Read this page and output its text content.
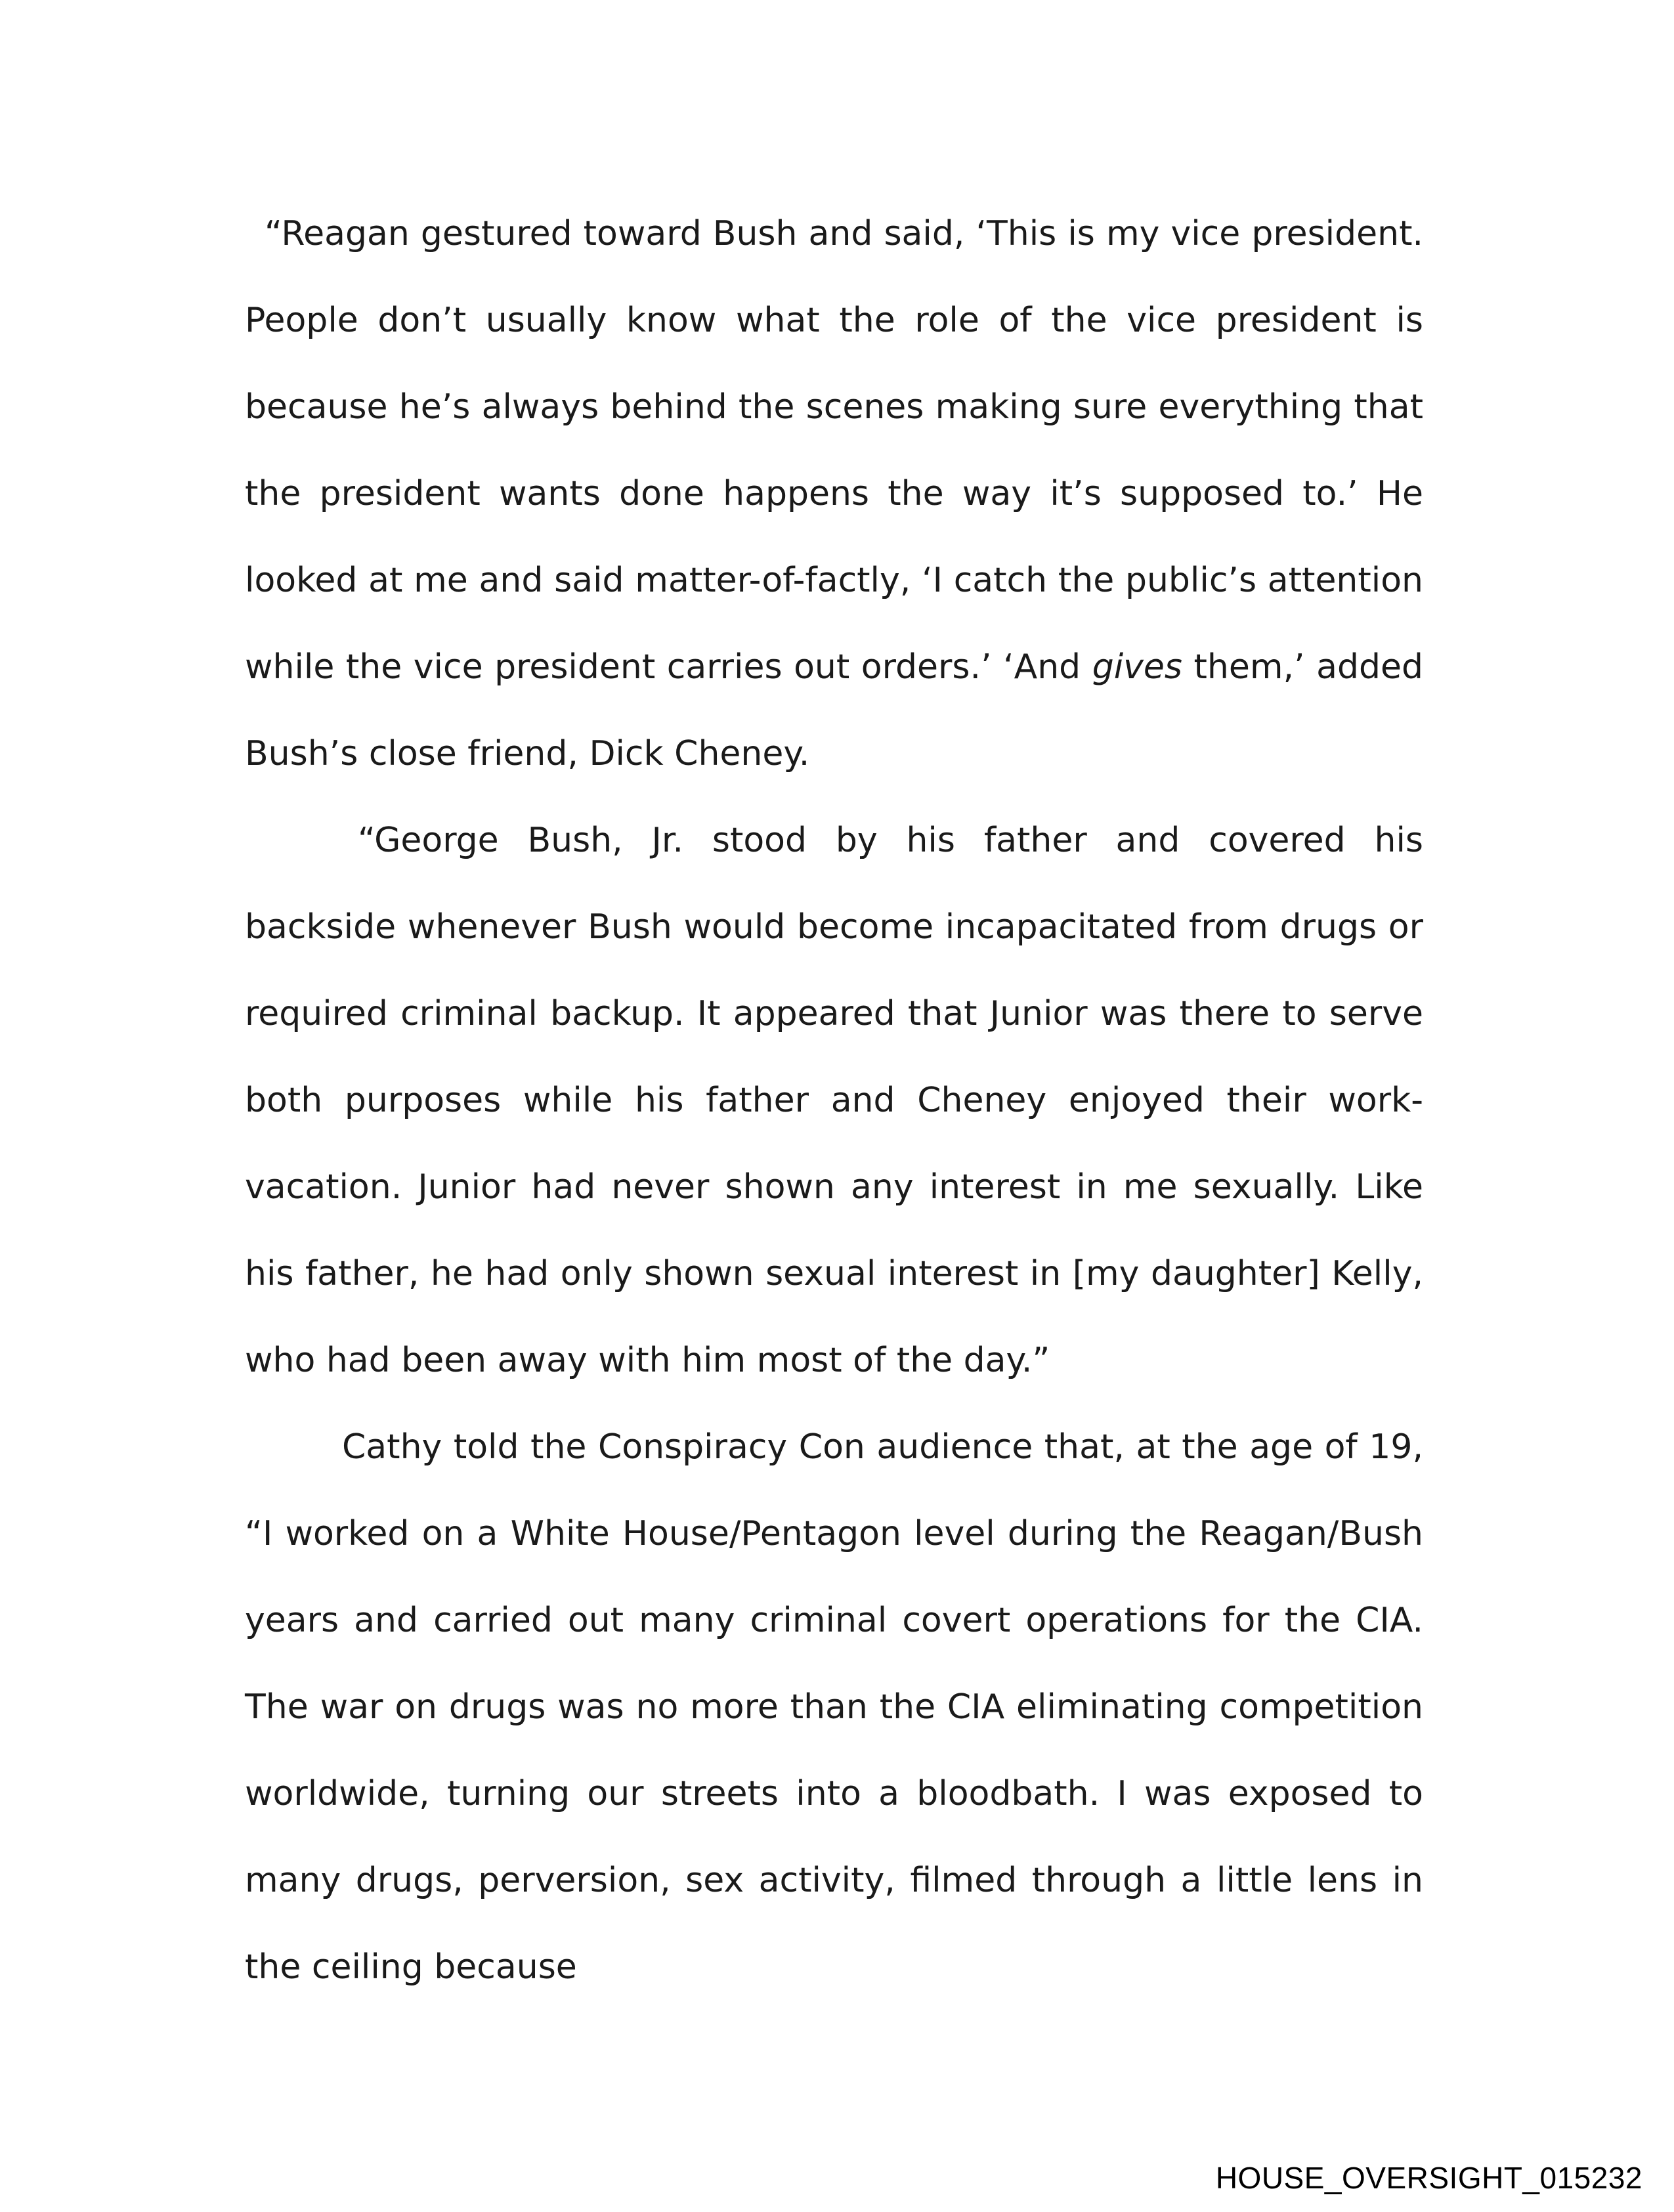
“Reagan gestured toward Bush and said, ‘This is my vice president. People don’t usually know what the role of the vice president is because he’s always behind the scenes making sure everything that the president wants done happens the way it’s supposed to.’ He looked at me and said matter-of-factly, ‘I catch the public’s attention while the vice president carries out orders.’ ‘And gives them,’ added Bush’s close friend, Dick Cheney.

“George Bush, Jr. stood by his father and covered his backside whenever Bush would become incapacitated from drugs or required criminal backup. It appeared that Junior was there to serve both purposes while his father and Cheney enjoyed their work-vacation. Junior had never shown any interest in me sexually. Like his father, he had only shown sexual interest in [my daughter] Kelly, who had been away with him most of the day.”

Cathy told the Conspiracy Con audience that, at the age of 19, “I worked on a White House/Pentagon level during the Reagan/Bush years and carried out many criminal covert operations for the CIA. The war on drugs was no more than the CIA eliminating competition worldwide, turning our streets into a bloodbath. I was exposed to many drugs, perversion, sex activity, filmed through a little lens in the ceiling because

HOUSE_OVERSIGHT_015232
